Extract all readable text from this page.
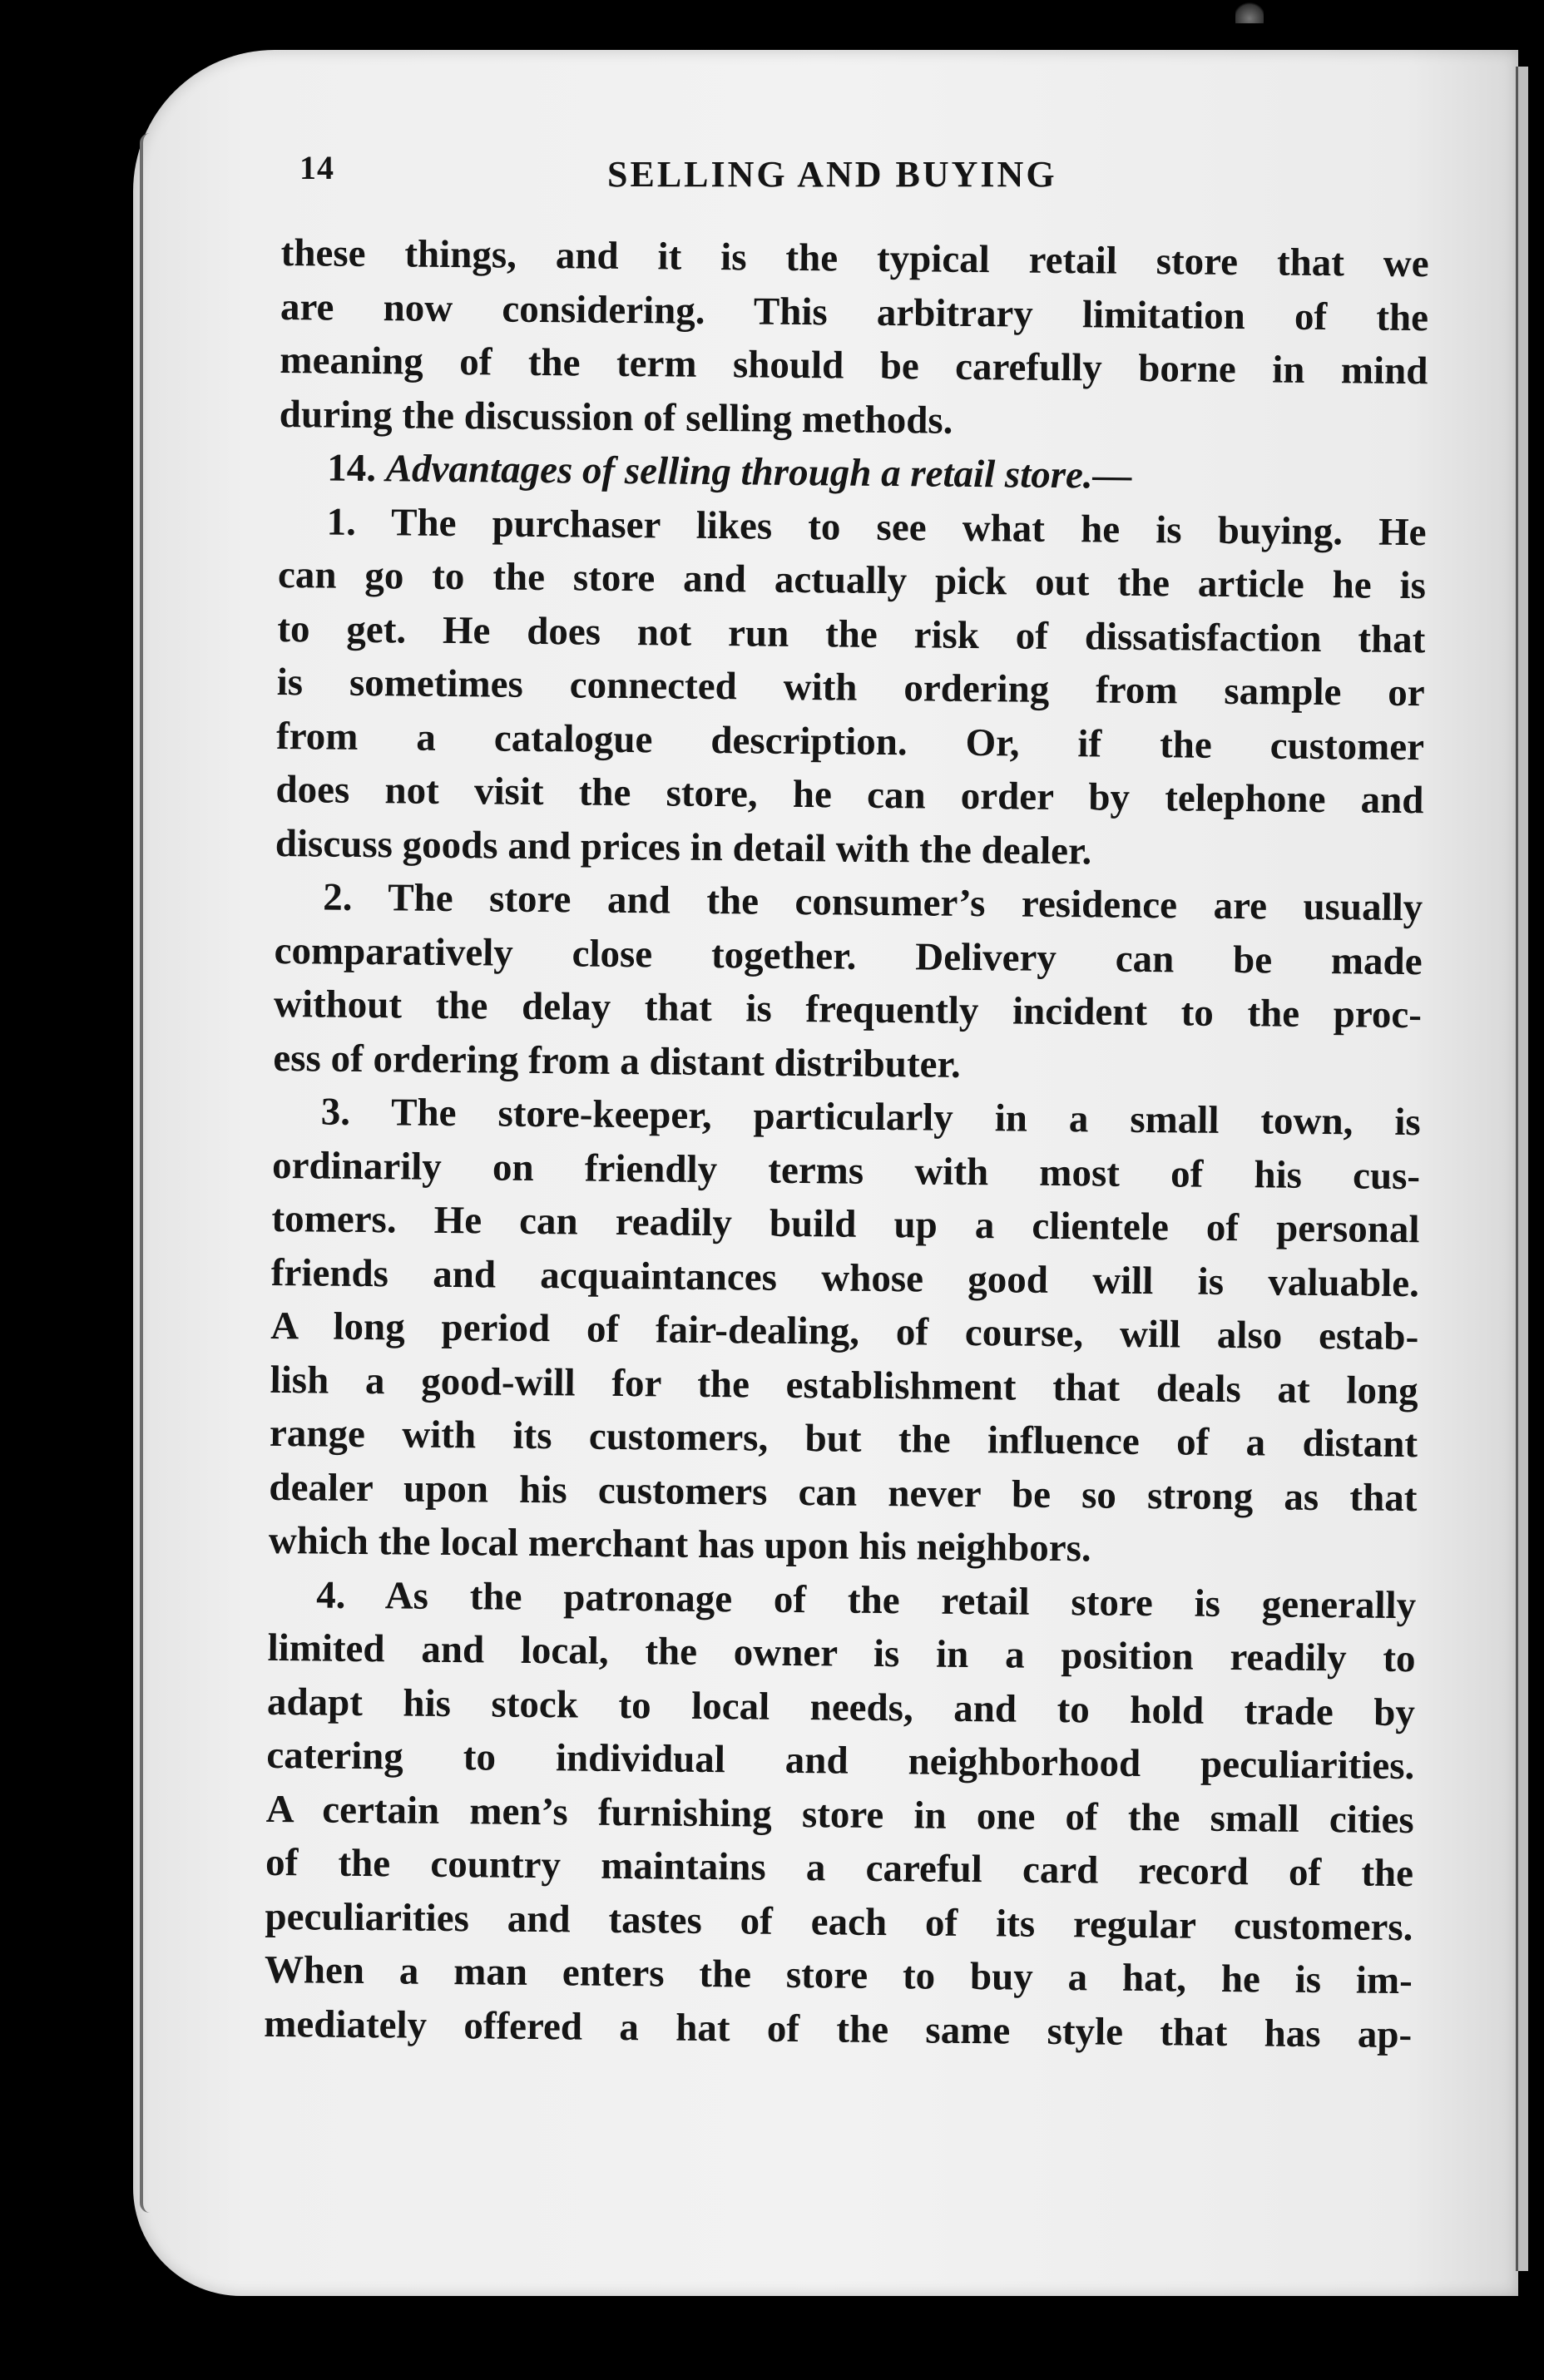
14	SELLING AND BUYING
these things, and it is the typical retail store that we
are now considering. This arbitrary limitation of the
meaning of the term should be carefully borne in mind
during the discussion of selling methods.
14. Advantages of selling through a retail store.—
1. The purchaser likes to see what he is buying. He
can go to the store and actually pick out the article he is
to get. He does not run the risk of dissatisfaction that
is sometimes connected with ordering from sample or
from a catalogue description. Or, if the customer
does not visit the store, he can order by telephone and
discuss goods and prices in detail with the dealer.
2. The store and the consumer’s residence are usually
comparatively close together. Delivery can be made
without the delay that is frequently incident to the proc-
ess of ordering from a distant distributer.
3. The store-keeper, particularly in a small town, is
ordinarily on friendly terms with most of his cus-
tomers. He can readily build up a clientele of personal
friends and acquaintances whose good will is valuable.
A long period of fair-dealing, of course, will also estab-
lish a good-will for the establishment that deals at long
range with its customers, but the influence of a distant
dealer upon his customers can never be so strong as that
which the local merchant has upon his neighbors.
4. As the patronage of the retail store is generally
limited and local, the owner is in a position readily to
adapt his stock to local needs, and to hold trade by
catering to individual and neighborhood peculiarities.
A certain men’s furnishing store in one of the small cities
of the country maintains a careful card record of the
peculiarities and tastes of each of its regular customers.
When a man enters the store to buy a hat, he is im-
mediately offered a hat of the same style that has ap-
